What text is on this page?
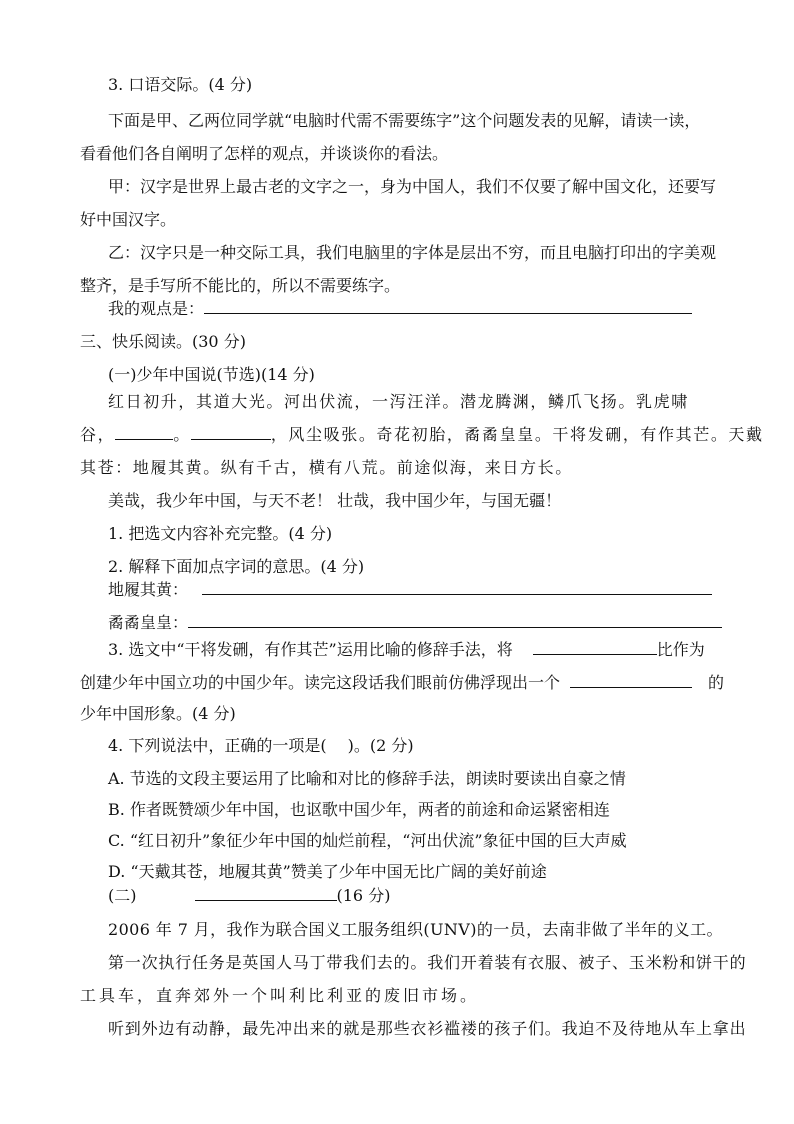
3. 口语交际。(4 分)
下面是甲、乙两位同学就“电脑时代需不需要练字”这个问题发表的见解，请读一读，
看看他们各自阐明了怎样的观点，并谈谈你的看法。
甲：汉字是世界上最古老的文字之一，身为中国人，我们不仅要了解中国文化，还要写
好中国汉字。
乙：汉字只是一种交际工具，我们电脑里的字体是层出不穷，而且电脑打印出的字美观
整齐，是手写所不能比的，所以不需要练字。
我的观点是：
三、快乐阅读。(30 分)
(一)少年中国说(节选)(14 分)
红日初升，其道大光。河出伏流，一泻汪洋。潜龙腾渊，鳞爪飞扬。乳虎啸
谷，	。	，风尘吸张。奇花初胎，矞矞皇皇。干将发硎，有作其芒。天戴
其苍：地履其黄。纵有千古，横有八荒。前途似海，来日方长。
美哉，我少年中国，与天不老！ 壮哉，我中国少年，与国无疆！
1. 把选文内容补充完整。(4 分)
2. 解释下面加点字词的意思。(4 分)
地履其黄：
矞矞皇皇：
3. 选文中“干将发硎，有作其芒”运用比喻的修辞手法，将	比作为
创建少年中国立功的中国少年。读完这段话我们眼前仿佛浮现出一个	的
少年中国形象。(4 分)
4. 下列说法中，正确的一项是(　 )。(2 分)
A. 节选的文段主要运用了比喻和对比的修辞手法，朗读时要读出自豪之情
B. 作者既赞颂少年中国，也讴歌中国少年，两者的前途和命运紧密相连
C. “红日初升”象征少年中国的灿烂前程，“河出伏流”象征中国的巨大声威
D. “天戴其苍，地履其黄”赞美了少年中国无比广阔的美好前途
(二)	(16 分)
2006 年 7 月，我作为联合国义工服务组织(UNV)的一员，去南非做了半年的义工。
第一次执行任务是英国人马丁带我们去的。我们开着装有衣服、被子、玉米粉和饼干的
工具车，直奔郊外一个叫利比利亚的废旧市场。
听到外边有动静，最先冲出来的就是那些衣衫褴褛的孩子们。我迫不及待地从车上拿出
